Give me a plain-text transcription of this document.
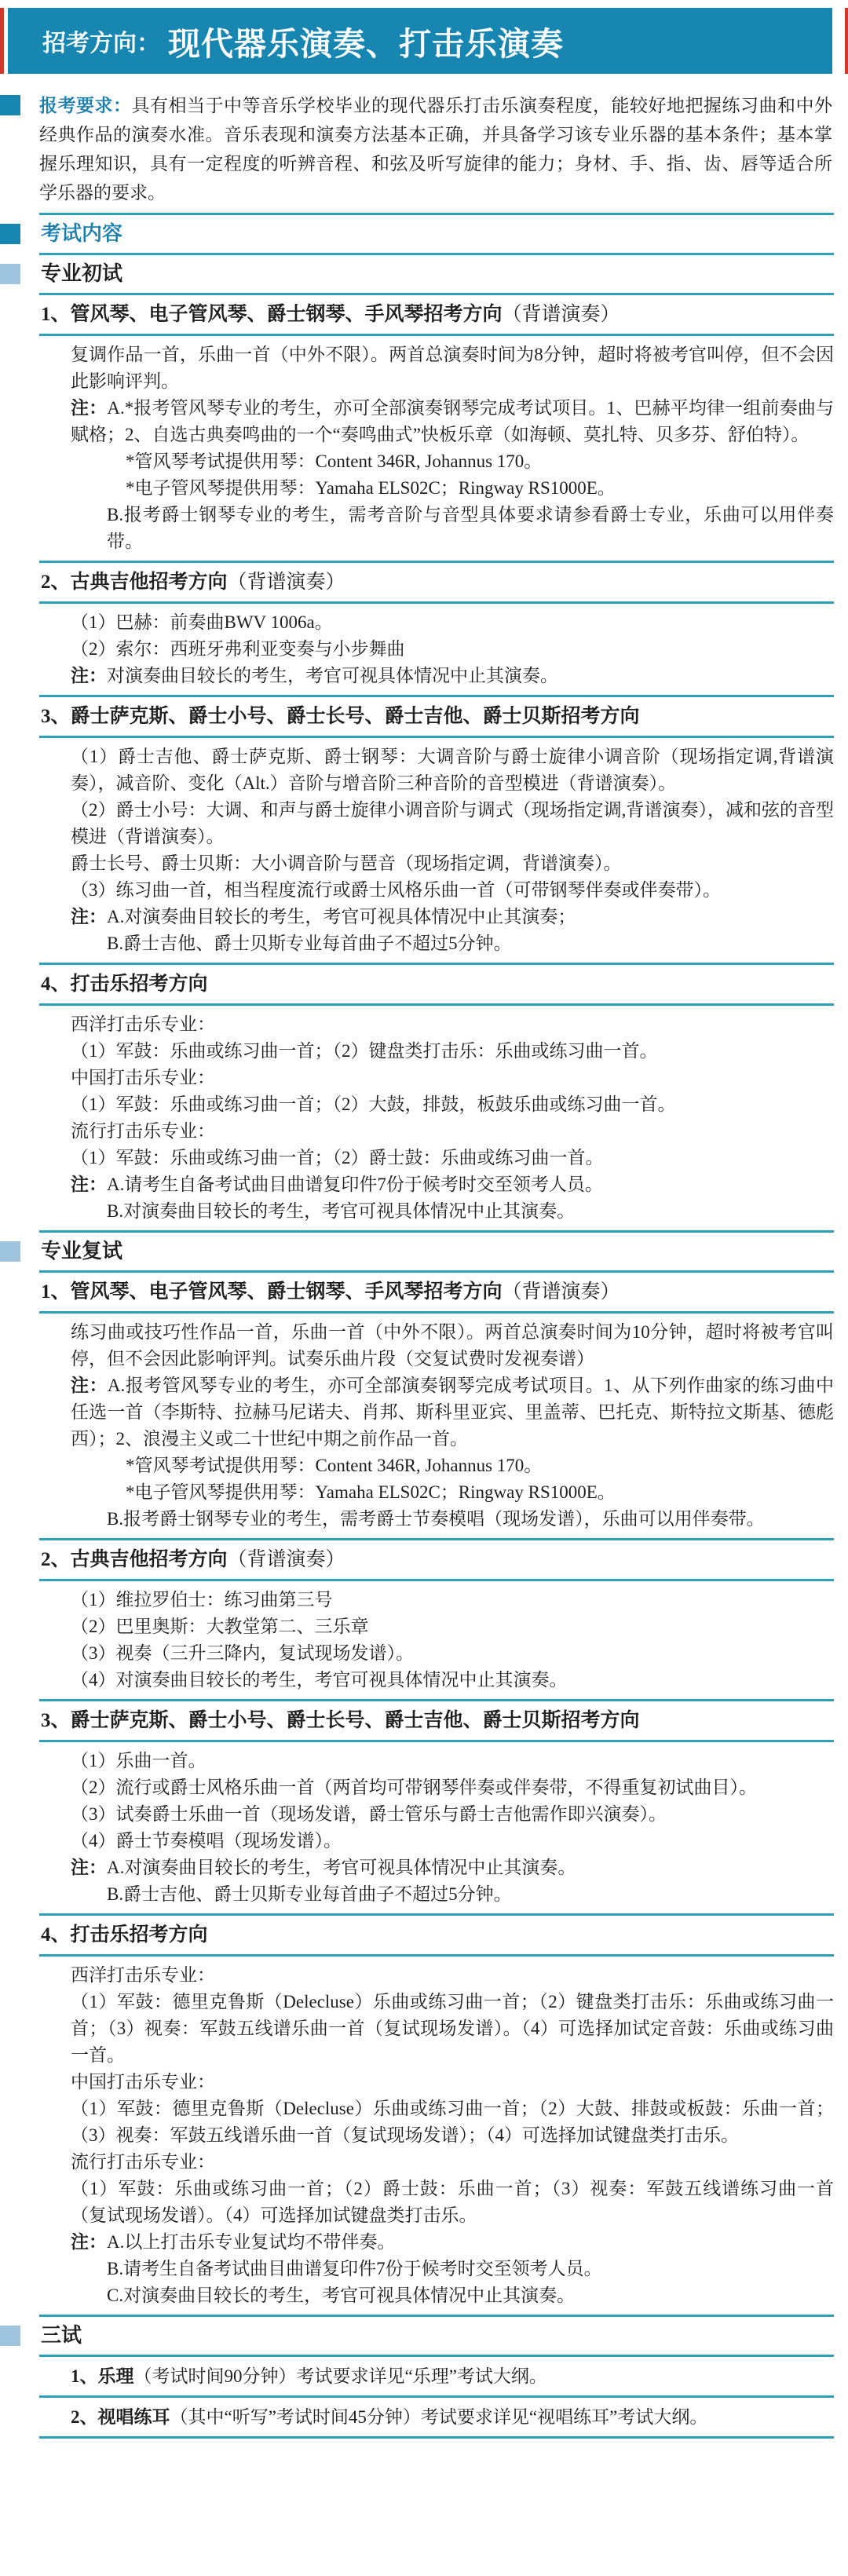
招考方向： 现代器乐演奏、打击乐演奏

报考要求：具有相当于中等音乐学校毕业的现代器乐打击乐演奏程度，能较好地把握练习曲和中外经典作品的演奏水准。音乐表现和演奏方法基本正确，并具备学习该专业乐器的基本条件；基本掌握乐理知识，具有一定程度的听辨音程、和弦及听写旋律的能力；身材、手、指、齿、唇等适合所学乐器的要求。

考试内容
专业初试
1、管风琴、电子管风琴、爵士钢琴、手风琴招考方向（背谱演奏）

复调作品一首，乐曲一首（中外不限）。两首总演奏时间为8分钟，超时将被考官叫停，但不会因此影响评判。

注：A.*报考管风琴专业的考生，亦可全部演奏钢琴完成考试项目。1、巴赫平均律一组前奏曲与赋格；2、自选古典奏鸣曲的一个“奏鸣曲式”快板乐章（如海顿、莫扎特、贝多芬、舒伯特）。

*管风琴考试提供用琴：Content 346R, Johannus 170。

*电子管风琴提供用琴：Yamaha ELS02C；Ringway RS1000E。

B.报考爵士钢琴专业的考生，需考音阶与音型具体要求请参看爵士专业，乐曲可以用伴奏带。

2、古典吉他招考方向（背谱演奏）

（1）巴赫：前奏曲BWV 1006a。

（2）索尔：西班牙弗利亚变奏与小步舞曲

注：对演奏曲目较长的考生，考官可视具体情况中止其演奏。

3、爵士萨克斯、爵士小号、爵士长号、爵士吉他、爵士贝斯招考方向

（1）爵士吉他、爵士萨克斯、爵士钢琴：大调音阶与爵士旋律小调音阶（现场指定调,背谱演奏），减音阶、变化（Alt.）音阶与增音阶三种音阶的音型模进（背谱演奏）。

（2）爵士小号：大调、和声与爵士旋律小调音阶与调式（现场指定调,背谱演奏），减和弦的音型模进（背谱演奏）。

爵士长号、爵士贝斯：大小调音阶与琶音（现场指定调，背谱演奏）。

（3）练习曲一首，相当程度流行或爵士风格乐曲一首（可带钢琴伴奏或伴奏带）。

注：A.对演奏曲目较长的考生，考官可视具体情况中止其演奏；

B.爵士吉他、爵士贝斯专业每首曲子不超过5分钟。

4、打击乐招考方向

西洋打击乐专业：

（1）军鼓：乐曲或练习曲一首；（2）键盘类打击乐：乐曲或练习曲一首。

中国打击乐专业：

（1）军鼓：乐曲或练习曲一首；（2）大鼓，排鼓，板鼓乐曲或练习曲一首。

流行打击乐专业：

（1）军鼓：乐曲或练习曲一首；（2）爵士鼓：乐曲或练习曲一首。

注：A.请考生自备考试曲目曲谱复印件7份于候考时交至领考人员。

B.对演奏曲目较长的考生，考官可视具体情况中止其演奏。

专业复试
1、管风琴、电子管风琴、爵士钢琴、手风琴招考方向（背谱演奏）

练习曲或技巧性作品一首，乐曲一首（中外不限）。两首总演奏时间为10分钟，超时将被考官叫停，但不会因此影响评判。试奏乐曲片段（交复试费时发视奏谱）

注：A.报考管风琴专业的考生，亦可全部演奏钢琴完成考试项目。1、从下列作曲家的练习曲中任选一首（李斯特、拉赫马尼诺夫、肖邦、斯科里亚宾、里盖蒂、巴托克、斯特拉文斯基、德彪西）；2、浪漫主义或二十世纪中期之前作品一首。

*管风琴考试提供用琴：Content 346R, Johannus 170。

*电子管风琴提供用琴：Yamaha ELS02C；Ringway RS1000E。

B.报考爵士钢琴专业的考生，需考爵士节奏模唱（现场发谱），乐曲可以用伴奏带。

2、古典吉他招考方向（背谱演奏）

（1）维拉罗伯士：练习曲第三号

（2）巴里奥斯：大教堂第二、三乐章

（3）视奏（三升三降内，复试现场发谱）。

（4）对演奏曲目较长的考生，考官可视具体情况中止其演奏。

3、爵士萨克斯、爵士小号、爵士长号、爵士吉他、爵士贝斯招考方向

（1）乐曲一首。

（2）流行或爵士风格乐曲一首（两首均可带钢琴伴奏或伴奏带，不得重复初试曲目）。

（3）试奏爵士乐曲一首（现场发谱，爵士管乐与爵士吉他需作即兴演奏）。

（4）爵士节奏模唱（现场发谱）。

注：A.对演奏曲目较长的考生，考官可视具体情况中止其演奏。

B.爵士吉他、爵士贝斯专业每首曲子不超过5分钟。

4、打击乐招考方向

西洋打击乐专业：

（1）军鼓：德里克鲁斯（Delecluse）乐曲或练习曲一首；（2）键盘类打击乐：乐曲或练习曲一首；（3）视奏：军鼓五线谱乐曲一首（复试现场发谱）。（4）可选择加试定音鼓：乐曲或练习曲一首。

中国打击乐专业：

（1）军鼓：德里克鲁斯（Delecluse）乐曲或练习曲一首；（2）大鼓、排鼓或板鼓：乐曲一首；（3）视奏：军鼓五线谱乐曲一首（复试现场发谱）；（4）可选择加试键盘类打击乐。

流行打击乐专业：

（1）军鼓：乐曲或练习曲一首；（2）爵士鼓：乐曲一首；（3）视奏：军鼓五线谱练习曲一首（复试现场发谱）。（4）可选择加试键盘类打击乐。

注：A.以上打击乐专业复试均不带伴奏。

B.请考生自备考试曲目曲谱复印件7份于候考时交至领考人员。

C.对演奏曲目较长的考生，考官可视具体情况中止其演奏。

三试

1、乐理（考试时间90分钟）考试要求详见“乐理”考试大纲。

2、视唱练耳（其中“听写”考试时间45分钟）考试要求详见“视唱练耳”考试大纲。
